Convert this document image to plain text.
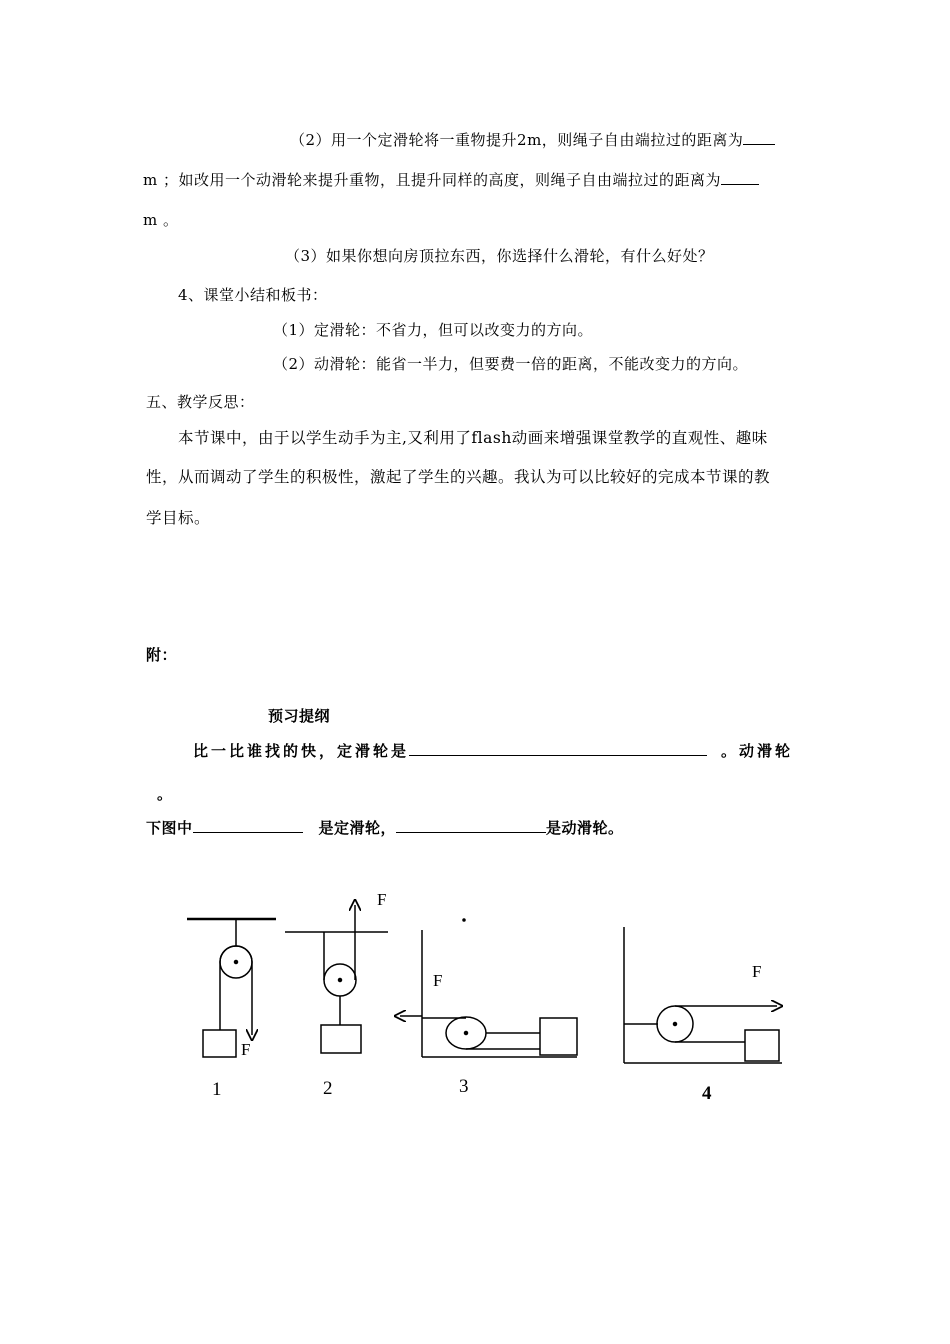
（2）用一个定滑轮将一重物提升2m，则绳子自由端拉过的距离为
m ；如改用一个动滑轮来提升重物，且提升同样的高度，则绳子自由端拉过的距离为
m 。
（3）如果你想向房顶拉东西，你选择什么滑轮，有什么好处？
4、课堂小结和板书：
（1）定滑轮：不省力，但可以改变力的方向。
（2）动滑轮：能省一半力，但要费一倍的距离，不能改变力的方向。
五、教学反思：
本节课中，由于以学生动手为主,又利用了flash动画来增强课堂教学的直观性、趣味
性，从而调动了学生的积极性，激起了学生的兴趣。我认为可以比较好的完成本节课的教
学目标。
附：
预习提纲
比一比谁找的快，定滑轮是	。动滑轮
。
下图中	是定滑轮，	是动滑轮。
F
F
F	F
1	2	3	4
